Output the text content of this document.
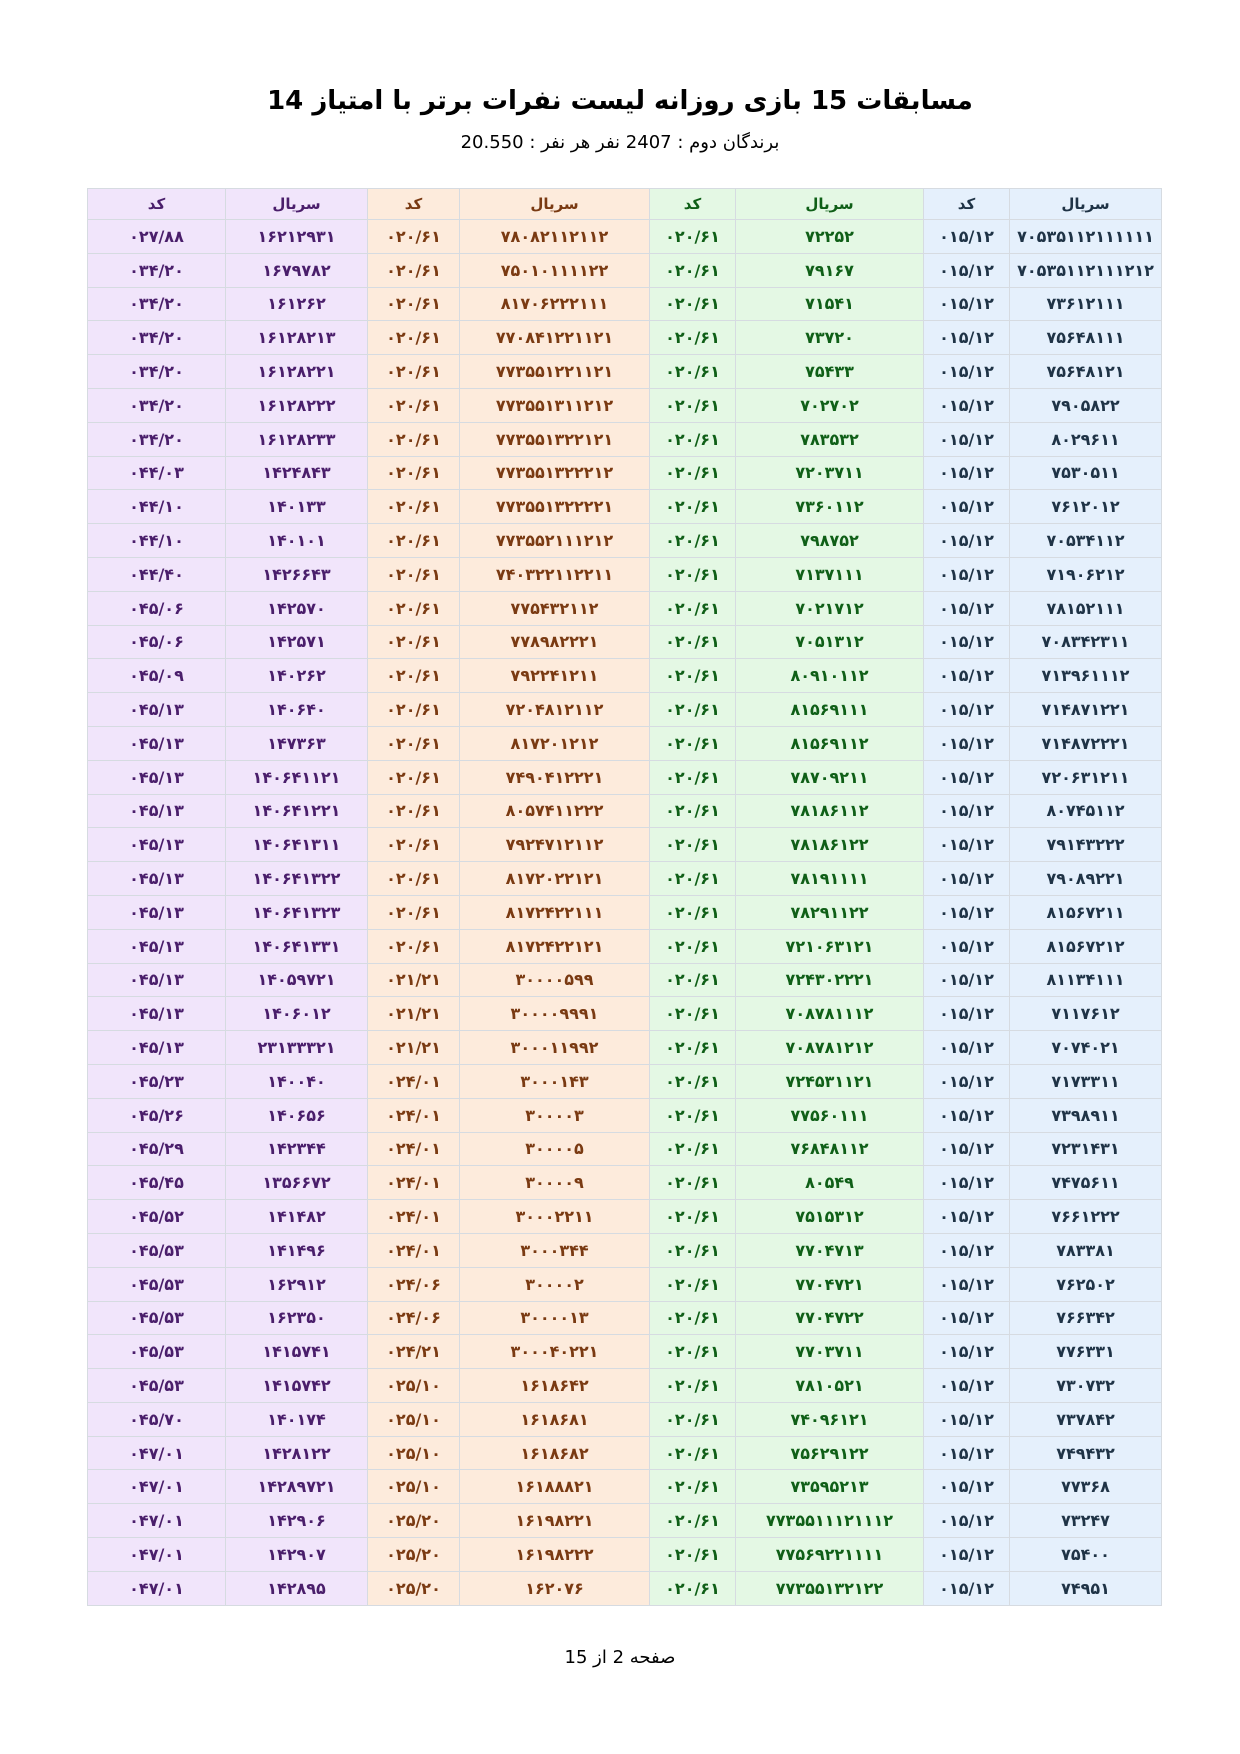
مسابقات 15 بازی روزانه لیست نفرات برتر با امتیاز 14
برندگان دوم : 2407 نفر هر نفر : 20.550
سریال	کد	سریال	کد	سریال	کد	سریال	کد
۷۰۵۳۵۱۱۲۱۱۱۱۱۱	۰۱۵/۱۲	۷۲۲۵۲	۰۲۰/۶۱	۷۸۰۸۲۱۱۲۱۱۲	۰۲۰/۶۱	۱۶۲۱۲۹۳۱	۰۲۷/۸۸
۷۰۵۳۵۱۱۲۱۱۱۲۱۲	۰۱۵/۱۲	۷۹۱۶۷	۰۲۰/۶۱	۷۵۰۱۰۱۱۱۱۲۲	۰۲۰/۶۱	۱۶۷۹۷۸۲	۰۳۴/۲۰
۷۳۶۱۲۱۱۱	۰۱۵/۱۲	۷۱۵۴۱	۰۲۰/۶۱	۸۱۷۰۶۲۲۲۱۱۱	۰۲۰/۶۱	۱۶۱۲۶۲	۰۳۴/۲۰
۷۵۶۴۸۱۱۱	۰۱۵/۱۲	۷۳۷۲۰	۰۲۰/۶۱	۷۷۰۸۴۱۲۲۱۱۲۱	۰۲۰/۶۱	۱۶۱۲۸۲۱۳	۰۳۴/۲۰
۷۵۶۴۸۱۲۱	۰۱۵/۱۲	۷۵۴۳۳	۰۲۰/۶۱	۷۷۳۵۵۱۲۲۱۱۲۱	۰۲۰/۶۱	۱۶۱۲۸۲۲۱	۰۳۴/۲۰
۷۹۰۵۸۲۲	۰۱۵/۱۲	۷۰۲۷۰۲	۰۲۰/۶۱	۷۷۳۵۵۱۳۱۱۲۱۲	۰۲۰/۶۱	۱۶۱۲۸۲۲۲	۰۳۴/۲۰
۸۰۲۹۶۱۱	۰۱۵/۱۲	۷۸۳۵۳۲	۰۲۰/۶۱	۷۷۳۵۵۱۳۲۲۱۲۱	۰۲۰/۶۱	۱۶۱۲۸۲۳۳	۰۳۴/۲۰
۷۵۳۰۵۱۱	۰۱۵/۱۲	۷۲۰۳۷۱۱	۰۲۰/۶۱	۷۷۳۵۵۱۳۲۲۲۱۲	۰۲۰/۶۱	۱۴۲۴۸۴۳	۰۴۴/۰۳
۷۶۱۲۰۱۲	۰۱۵/۱۲	۷۳۶۰۱۱۲	۰۲۰/۶۱	۷۷۳۵۵۱۳۲۲۲۲۱	۰۲۰/۶۱	۱۴۰۱۳۳	۰۴۴/۱۰
۷۰۵۳۴۱۱۲	۰۱۵/۱۲	۷۹۸۷۵۲	۰۲۰/۶۱	۷۷۳۵۵۲۱۱۱۲۱۲	۰۲۰/۶۱	۱۴۰۱۰۱	۰۴۴/۱۰
۷۱۹۰۶۲۱۲	۰۱۵/۱۲	۷۱۳۷۱۱۱	۰۲۰/۶۱	۷۴۰۳۲۲۱۱۲۲۱۱	۰۲۰/۶۱	۱۴۲۶۶۴۳	۰۴۴/۴۰
۷۸۱۵۲۱۱۱	۰۱۵/۱۲	۷۰۲۱۷۱۲	۰۲۰/۶۱	۷۷۵۴۳۲۱۱۲	۰۲۰/۶۱	۱۴۲۵۷۰	۰۴۵/۰۶
۷۰۸۳۴۲۳۱۱	۰۱۵/۱۲	۷۰۵۱۳۱۲	۰۲۰/۶۱	۷۷۸۹۸۲۲۲۱	۰۲۰/۶۱	۱۴۲۵۷۱	۰۴۵/۰۶
۷۱۳۹۶۱۱۱۲	۰۱۵/۱۲	۸۰۹۱۰۱۱۲	۰۲۰/۶۱	۷۹۲۲۴۱۲۱۱	۰۲۰/۶۱	۱۴۰۲۶۲	۰۴۵/۰۹
۷۱۴۸۷۱۲۲۱	۰۱۵/۱۲	۸۱۵۶۹۱۱۱	۰۲۰/۶۱	۷۲۰۴۸۱۲۱۱۲	۰۲۰/۶۱	۱۴۰۶۴۰	۰۴۵/۱۳
۷۱۴۸۷۲۲۲۱	۰۱۵/۱۲	۸۱۵۶۹۱۱۲	۰۲۰/۶۱	۸۱۷۲۰۱۲۱۲	۰۲۰/۶۱	۱۴۷۳۶۳	۰۴۵/۱۳
۷۲۰۶۳۱۲۱۱	۰۱۵/۱۲	۷۸۷۰۹۲۱۱	۰۲۰/۶۱	۷۴۹۰۴۱۲۲۲۱	۰۲۰/۶۱	۱۴۰۶۴۱۱۲۱	۰۴۵/۱۳
۸۰۷۴۵۱۱۲	۰۱۵/۱۲	۷۸۱۸۶۱۱۲	۰۲۰/۶۱	۸۰۵۷۴۱۱۲۲۲	۰۲۰/۶۱	۱۴۰۶۴۱۲۲۱	۰۴۵/۱۳
۷۹۱۴۳۲۲۲	۰۱۵/۱۲	۷۸۱۸۶۱۲۲	۰۲۰/۶۱	۷۹۲۴۷۱۲۱۱۲	۰۲۰/۶۱	۱۴۰۶۴۱۳۱۱	۰۴۵/۱۳
۷۹۰۸۹۲۲۱	۰۱۵/۱۲	۷۸۱۹۱۱۱۱	۰۲۰/۶۱	۸۱۷۲۰۲۲۱۲۱	۰۲۰/۶۱	۱۴۰۶۴۱۳۲۲	۰۴۵/۱۳
۸۱۵۶۷۲۱۱	۰۱۵/۱۲	۷۸۲۹۱۱۲۲	۰۲۰/۶۱	۸۱۷۲۴۲۲۱۱۱	۰۲۰/۶۱	۱۴۰۶۴۱۳۲۳	۰۴۵/۱۳
۸۱۵۶۷۲۱۲	۰۱۵/۱۲	۷۲۱۰۶۳۱۲۱	۰۲۰/۶۱	۸۱۷۲۴۲۲۱۲۱	۰۲۰/۶۱	۱۴۰۶۴۱۳۳۱	۰۴۵/۱۳
۸۱۱۳۴۱۱۱	۰۱۵/۱۲	۷۲۴۳۰۲۲۲۱	۰۲۰/۶۱	۳۰۰۰۰۵۹۹	۰۲۱/۲۱	۱۴۰۵۹۷۲۱	۰۴۵/۱۳
۷۱۱۷۶۱۲	۰۱۵/۱۲	۷۰۸۷۸۱۱۱۲	۰۲۰/۶۱	۳۰۰۰۰۹۹۹۱	۰۲۱/۲۱	۱۴۰۶۰۱۲	۰۴۵/۱۳
۷۰۷۴۰۲۱	۰۱۵/۱۲	۷۰۸۷۸۱۲۱۲	۰۲۰/۶۱	۳۰۰۰۱۱۹۹۲	۰۲۱/۲۱	۲۳۱۳۳۳۲۱	۰۴۵/۱۳
۷۱۷۳۳۱۱	۰۱۵/۱۲	۷۲۴۵۳۱۱۲۱	۰۲۰/۶۱	۳۰۰۰۱۴۳	۰۲۴/۰۱	۱۴۰۰۴۰	۰۴۵/۲۳
۷۳۹۸۹۱۱	۰۱۵/۱۲	۷۷۵۶۰۱۱۱	۰۲۰/۶۱	۳۰۰۰۰۳	۰۲۴/۰۱	۱۴۰۶۵۶	۰۴۵/۲۶
۷۲۳۱۴۳۱	۰۱۵/۱۲	۷۶۸۴۸۱۱۲	۰۲۰/۶۱	۳۰۰۰۰۵	۰۲۴/۰۱	۱۴۲۳۴۴	۰۴۵/۲۹
۷۴۷۵۶۱۱	۰۱۵/۱۲	۸۰۵۴۹	۰۲۰/۶۱	۳۰۰۰۰۹	۰۲۴/۰۱	۱۳۵۶۶۷۲	۰۴۵/۴۵
۷۶۶۱۲۲۲	۰۱۵/۱۲	۷۵۱۵۳۱۲	۰۲۰/۶۱	۳۰۰۰۲۲۱۱	۰۲۴/۰۱	۱۴۱۴۸۲	۰۴۵/۵۲
۷۸۳۳۸۱	۰۱۵/۱۲	۷۷۰۴۷۱۳	۰۲۰/۶۱	۳۰۰۰۳۴۴	۰۲۴/۰۱	۱۴۱۴۹۶	۰۴۵/۵۳
۷۶۲۵۰۲	۰۱۵/۱۲	۷۷۰۴۷۲۱	۰۲۰/۶۱	۳۰۰۰۰۲	۰۲۴/۰۶	۱۶۲۹۱۲	۰۴۵/۵۳
۷۶۶۳۴۲	۰۱۵/۱۲	۷۷۰۴۷۲۲	۰۲۰/۶۱	۳۰۰۰۰۱۳	۰۲۴/۰۶	۱۶۲۳۵۰	۰۴۵/۵۳
۷۷۶۳۳۱	۰۱۵/۱۲	۷۷۰۳۷۱۱	۰۲۰/۶۱	۳۰۰۰۴۰۲۲۱	۰۲۴/۲۱	۱۴۱۵۷۴۱	۰۴۵/۵۳
۷۳۰۷۳۲	۰۱۵/۱۲	۷۸۱۰۵۲۱	۰۲۰/۶۱	۱۶۱۸۶۴۲	۰۲۵/۱۰	۱۴۱۵۷۴۲	۰۴۵/۵۳
۷۳۷۸۴۲	۰۱۵/۱۲	۷۴۰۹۶۱۲۱	۰۲۰/۶۱	۱۶۱۸۶۸۱	۰۲۵/۱۰	۱۴۰۱۷۴	۰۴۵/۷۰
۷۴۹۴۳۲	۰۱۵/۱۲	۷۵۶۲۹۱۲۲	۰۲۰/۶۱	۱۶۱۸۶۸۲	۰۲۵/۱۰	۱۴۲۸۱۲۲	۰۴۷/۰۱
۷۷۳۶۸	۰۱۵/۱۲	۷۳۵۹۵۲۱۳	۰۲۰/۶۱	۱۶۱۸۸۸۲۱	۰۲۵/۱۰	۱۴۲۸۹۷۲۱	۰۴۷/۰۱
۷۳۲۴۷	۰۱۵/۱۲	۷۷۳۵۵۱۱۱۲۱۱۱۲	۰۲۰/۶۱	۱۶۱۹۸۲۲۱	۰۲۵/۲۰	۱۴۲۹۰۶	۰۴۷/۰۱
۷۵۴۰۰	۰۱۵/۱۲	۷۷۵۶۹۲۲۱۱۱۱	۰۲۰/۶۱	۱۶۱۹۸۲۲۲	۰۲۵/۲۰	۱۴۲۹۰۷	۰۴۷/۰۱
۷۴۹۵۱	۰۱۵/۱۲	۷۷۳۵۵۱۳۲۱۲۲	۰۲۰/۶۱	۱۶۲۰۷۶	۰۲۵/۲۰	۱۴۲۸۹۵	۰۴۷/۰۱
صفحه 2 از 15
